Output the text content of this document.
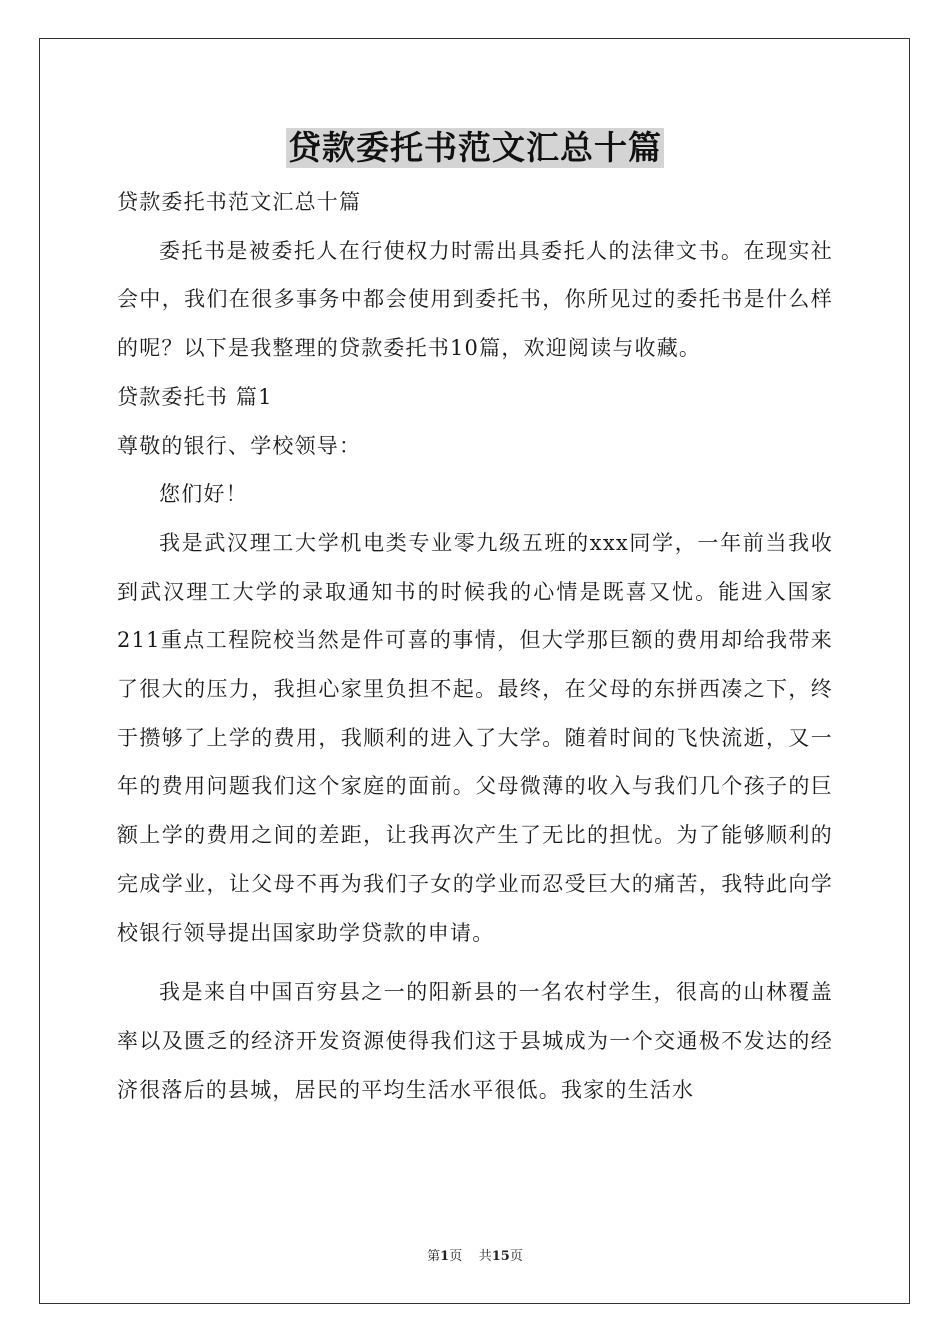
贷款委托书范文汇总十篇

贷款委托书范文汇总十篇

委托书是被委托人在行使权力时需出具委托人的法律文书。在现实社会中，我们在很多事务中都会使用到委托书，你所见过的委托书是什么样的呢？以下是我整理的贷款委托书10篇，欢迎阅读与收藏。

贷款委托书 篇1

尊敬的银行、学校领导：

您们好！

我是武汉理工大学机电类专业零九级五班的xxx同学，一年前当我收到武汉理工大学的录取通知书的时候我的心情是既喜又忧。能进入国家211重点工程院校当然是件可喜的事情，但大学那巨额的费用却给我带来了很大的压力，我担心家里负担不起。最终，在父母的东拼西凑之下，终于攒够了上学的费用，我顺利的进入了大学。随着时间的飞快流逝，又一年的费用问题我们这个家庭的面前。父母微薄的收入与我们几个孩子的巨额上学的费用之间的差距，让我再次产生了无比的担忧。为了能够顺利的完成学业，让父母不再为我们子女的学业而忍受巨大的痛苦，我特此向学校银行领导提出国家助学贷款的申请。

我是来自中国百穷县之一的阳新县的一名农村学生，很高的山林覆盖率以及匮乏的经济开发资源使得我们这于县城成为一个交通极不发达的经济很落后的县城，居民的平均生活水平很低。我家的生活水

第1页 共15页
